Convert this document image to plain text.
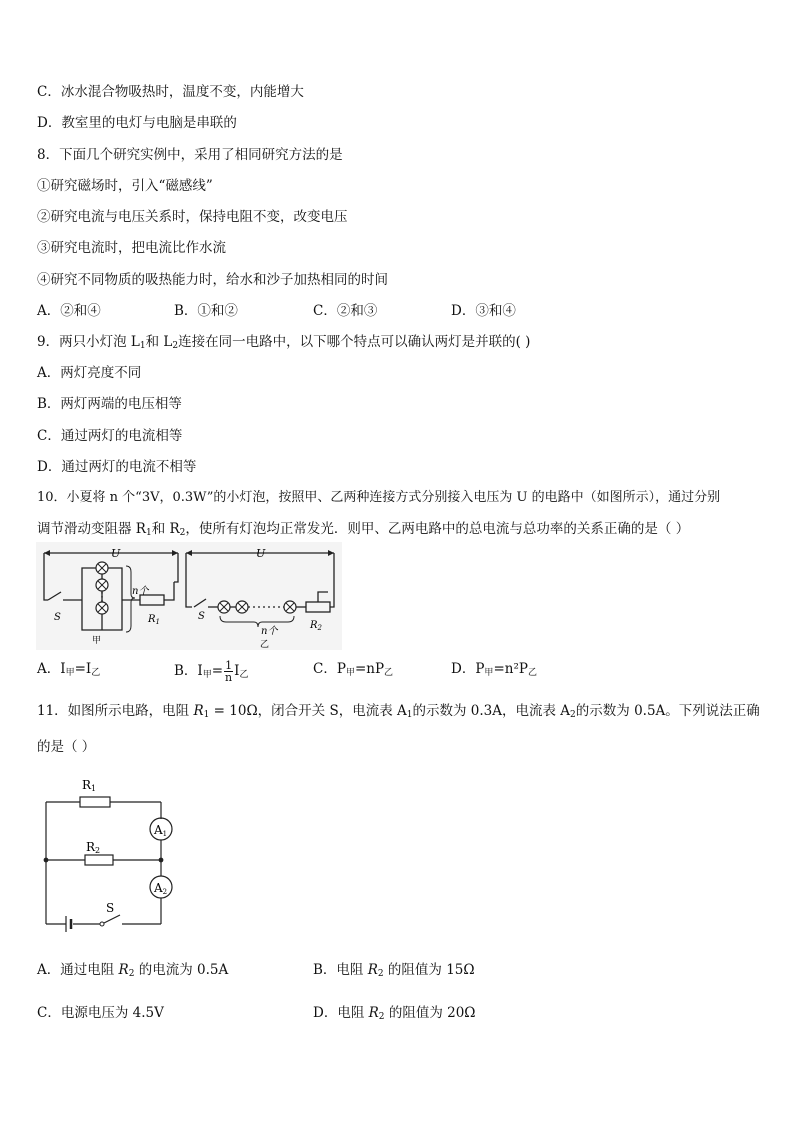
C．冰水混合物吸热时，温度不变，内能增大
D．教室里的电灯与电脑是串联的
8．下面几个研究实例中，采用了相同研究方法的是
①研究磁场时，引入“磁感线”
②研究电流与电压关系时，保持电阻不变，改变电压
③研究电流时，把电流比作水流
④研究不同物质的吸热能力时，给水和沙子加热相同的时间
A．②和④	B．①和②	C．②和③	D．③和④
9．两只小灯泡 $L_1$和 $L_2$连接在同一电路中，以下哪个特点可以确认两灯是并联的( )
A．两灯亮度不同
B．两灯两端的电压相等
C．通过两灯的电流相等
D．通过两灯的电流不相等
10．小夏将 n 个“3V，0.3W”的小灯泡，按照甲、乙两种连接方式分别接入电压为 U 的电路中（如图所示），通过分别
调节滑动变阻器 $R_1$和 $R_2$，使所有灯泡均正常发光．则甲、乙两电路中的总电流与总功率的关系正确的是（ ）
U	U
S	S
n个
n个
$R_1$	$R_2$
甲	乙
A．$I_甲=I_乙$	B．$I_甲= \frac{1}{n} I_乙$	C．$P_甲=nP_乙$	D．$P_甲=n^2P_乙$
11．如图所示电路，电阻 $R_1 = 10\Omega$，闭合开关 S，电流表 $A_1$的示数为 0.3A，电流表 $A_2$的示数为 0.5A。下列说法正确
的是（ ）
R1
R2
A1
A2
S
A．通过电阻 $R_2$ 的电流为 0.5A	B．电阻 $R_2$ 的阻值为 15Ω
C．电源电压为 4.5V	D．电阻 $R_2$ 的阻值为 20Ω
